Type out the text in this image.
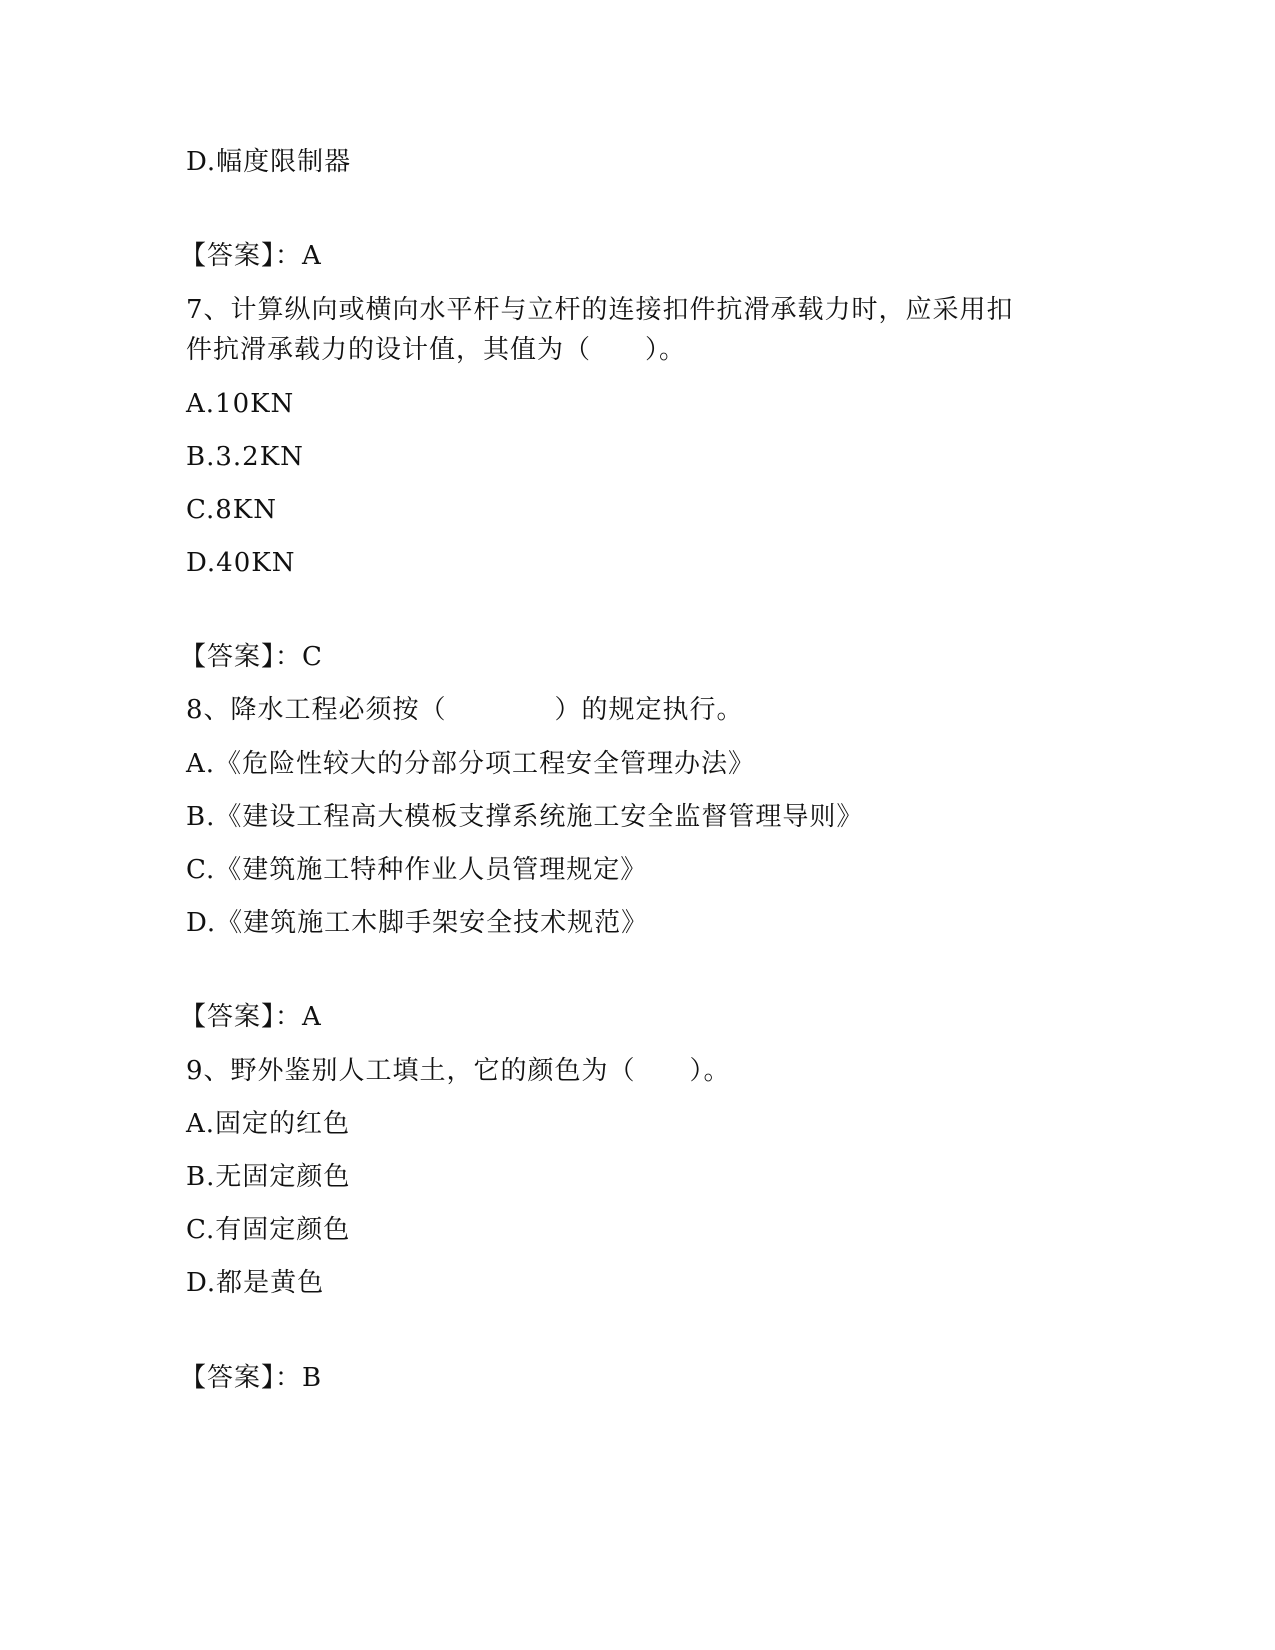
D.幅度限制器
【答案】：A
7、计算纵向或横向水平杆与立杆的连接扣件抗滑承载力时，应采用扣
件抗滑承载力的设计值，其值为（　　）。
A.10KN
B.3.2KN
C.8KN
D.40KN
【答案】：C
8、降水工程必须按（　　　　）的规定执行。
A.《危险性较大的分部分项工程安全管理办法》
B.《建设工程高大模板支撑系统施工安全监督管理导则》
C.《建筑施工特种作业人员管理规定》
D.《建筑施工木脚手架安全技术规范》
【答案】：A
9、野外鉴别人工填土，它的颜色为（　　）。
A.固定的红色
B.无固定颜色
C.有固定颜色
D.都是黄色
【答案】：B
